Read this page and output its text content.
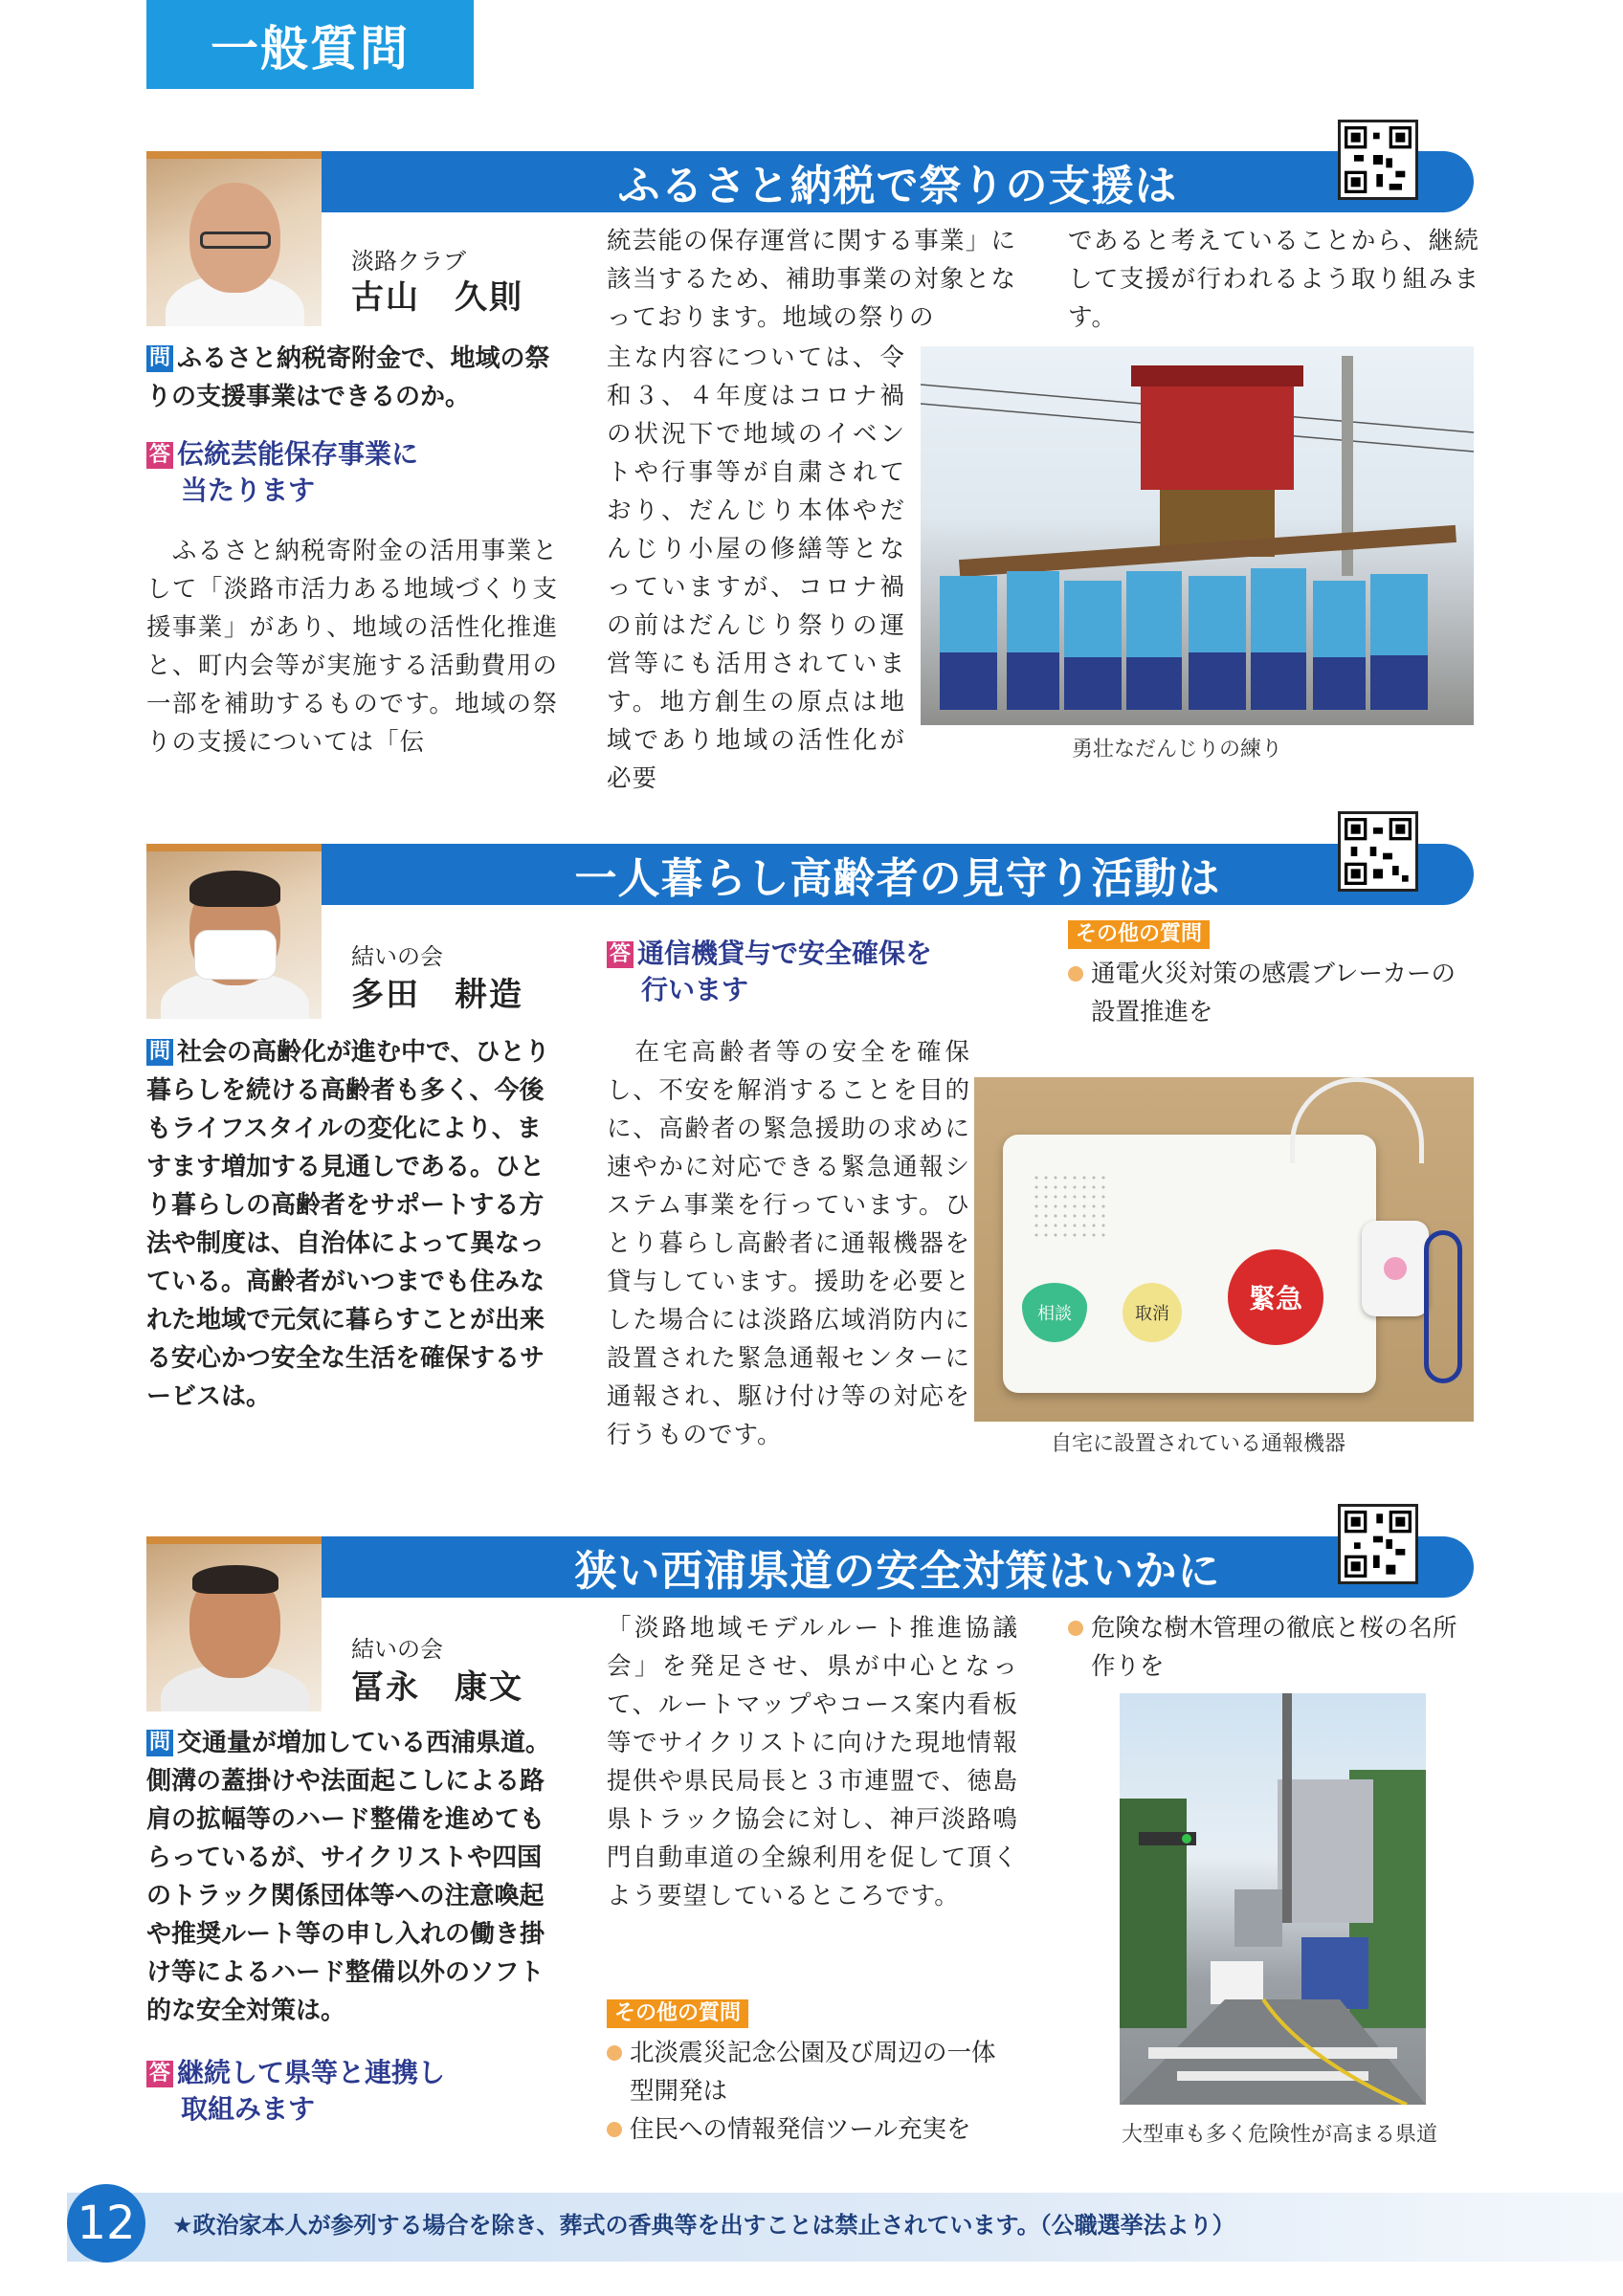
一般質問
ふるさと納税で祭りの支援は
淡路クラブ
古山　久則
問 ふるさと納税寄附金で、地域の祭りの支援事業はできるのか。
答 伝統芸能保存事業に
当たります
　ふるさと納税寄附金の活用事業として「淡路市活力ある地域づくり支援事業」があり、地域の活性化推進と、町内会等が実施する活動費用の一部を補助するものです。地域の祭りの支援については「伝
統芸能の保存運営に関する事業」に該当するため、補助事業の対象となっております。地域の祭りの
主な内容については、令和３、４年度はコロナ禍の状況下で地域のイベントや行事等が自粛されており、だんじり本体やだんじり小屋の修繕等となっていますが、コロナ禍の前はだんじり祭りの運営等にも活用されています。地方創生の原点は地域であり地域の活性化が必要
であると考えていることから、継続して支援が行われるよう取り組みます。
勇壮なだんじりの練り
一人暮らし高齢者の見守り活動は
結いの会
多田　耕造
問 社会の高齢化が進む中で、ひとり暮らしを続ける高齢者も多く、今後もライフスタイルの変化により、ますます増加する見通しである。ひとり暮らしの高齢者をサポートする方法や制度は、自治体によって異なっている。高齢者がいつまでも住みなれた地域で元気に暮らすことが出来る安心かつ安全な生活を確保するサービスは。
答 通信機貸与で安全確保を
行います
　在宅高齢者等の安全を確保し、不安を解消することを目的に、高齢者の緊急援助の求めに速やかに対応できる緊急通報システム事業を行っています。ひとり暮らし高齢者に通報機器を貸与しています。援助を必要とした場合には淡路広域消防内に設置された緊急通報センターに通報され、駆け付け等の対応を行うものです。
その他の質問
通電火災対策の感震ブレーカーの設置推進を
相談	取消	緊急
自宅に設置されている通報機器
狭い西浦県道の安全対策はいかに
結いの会
冨永　康文
問 交通量が増加している西浦県道。側溝の蓋掛けや法面起こしによる路肩の拡幅等のハード整備を進めてもらっているが、サイクリストや四国のトラック関係団体等への注意喚起や推奨ルート等の申し入れの働き掛け等によるハード整備以外のソフト的な安全対策は。
答 継続して県等と連携し
取組みます
「淡路地域モデルルート推進協議会」を発足させ、県が中心となって、ルートマップやコース案内看板等でサイクリストに向けた現地情報提供や県民局長と３市連盟で、徳島県トラック協会に対し、神戸淡路鳴門自動車道の全線利用を促して頂くよう要望しているところです。
その他の質問
北淡震災記念公園及び周辺の一体型開発は
住民への情報発信ツール充実を
危険な樹木管理の徹底と桜の名所作りを
大型車も多く危険性が高まる県道
12	★政治家本人が参列する場合を除き、葬式の香典等を出すことは禁止されています。（公職選挙法より）
